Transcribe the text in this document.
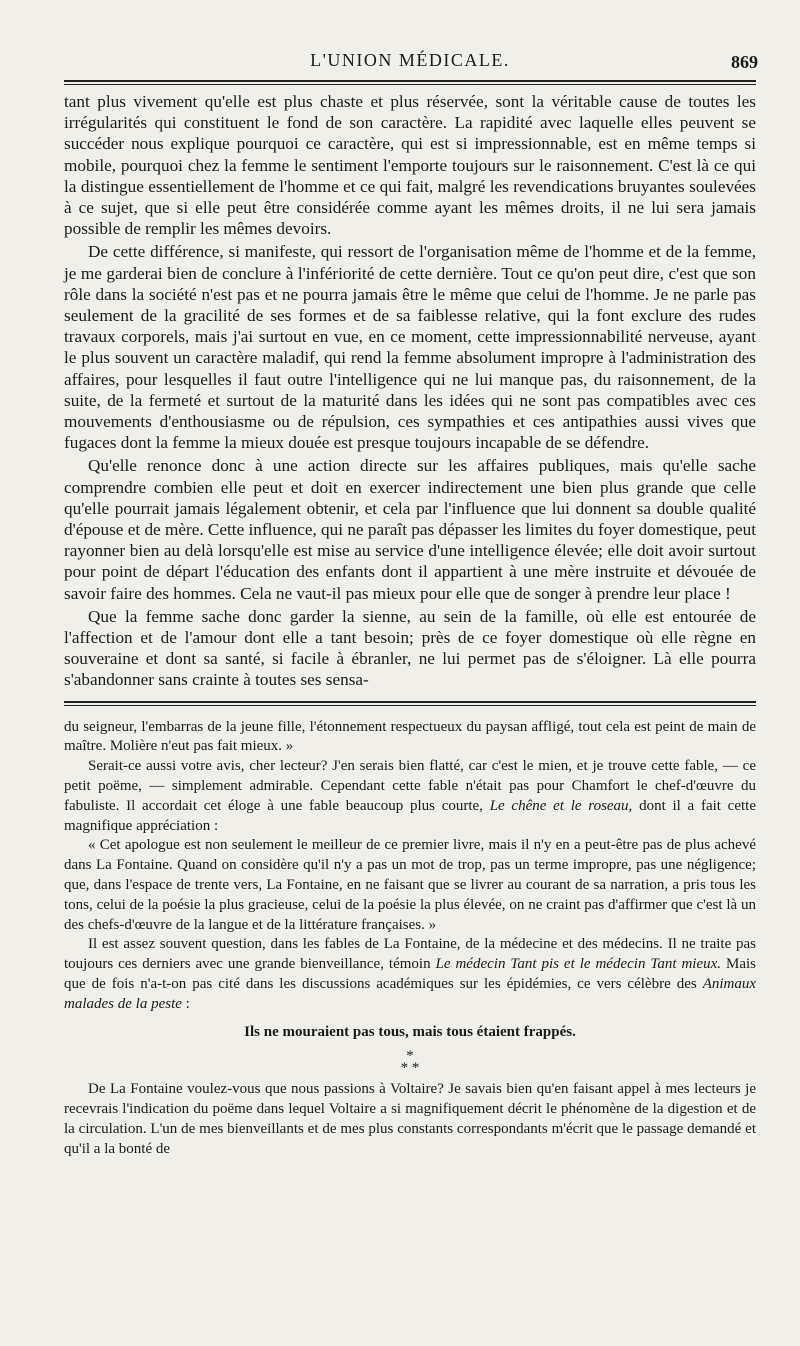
L'UNION MÉDICALE.	869

tant plus vivement qu'elle est plus chaste et plus réservée, sont la véritable cause de toutes les irrégularités qui constituent le fond de son caractère. La rapidité avec laquelle elles peuvent se succéder nous explique pourquoi ce caractère, qui est si impressionnable, est en même temps si mobile, pourquoi chez la femme le sentiment l'emporte toujours sur le raisonnement. C'est là ce qui la distingue essentiellement de l'homme et ce qui fait, malgré les revendications bruyantes soulevées à ce sujet, que si elle peut être considérée comme ayant les mêmes droits, il ne lui sera jamais possible de remplir les mêmes devoirs.

De cette différence, si manifeste, qui ressort de l'organisation même de l'homme et de la femme, je me garderai bien de conclure à l'infériorité de cette dernière. Tout ce qu'on peut dire, c'est que son rôle dans la société n'est pas et ne pourra jamais être le même que celui de l'homme. Je ne parle pas seulement de la gracilité de ses formes et de sa faiblesse relative, qui la font exclure des rudes travaux corporels, mais j'ai surtout en vue, en ce moment, cette impressionnabilité nerveuse, ayant le plus souvent un caractère maladif, qui rend la femme absolument impropre à l'administration des affaires, pour lesquelles il faut outre l'intelligence qui ne lui manque pas, du raisonnement, de la suite, de la fermeté et surtout de la maturité dans les idées qui ne sont pas compatibles avec ces mouvements d'enthousiasme ou de répulsion, ces sympathies et ces antipathies aussi vives que fugaces dont la femme la mieux douée est presque toujours incapable de se défendre.

Qu'elle renonce donc à une action directe sur les affaires publiques, mais qu'elle sache comprendre combien elle peut et doit en exercer indirectement une bien plus grande que celle qu'elle pourrait jamais légalement obtenir, et cela par l'influence que lui donnent sa double qualité d'épouse et de mère. Cette influence, qui ne paraît pas dépasser les limites du foyer domestique, peut rayonner bien au delà lorsqu'elle est mise au service d'une intelligence élevée; elle doit avoir surtout pour point de départ l'éducation des enfants dont il appartient à une mère instruite et dévouée de savoir faire des hommes. Cela ne vaut-il pas mieux pour elle que de songer à prendre leur place !

Que la femme sache donc garder la sienne, au sein de la famille, où elle est entourée de l'affection et de l'amour dont elle a tant besoin; près de ce foyer domestique où elle règne en souveraine et dont sa santé, si facile à ébranler, ne lui permet pas de s'éloigner. Là elle pourra s'abandonner sans crainte à toutes ses sensa-

du seigneur, l'embarras de la jeune fille, l'étonnement respectueux du paysan affligé, tout cela est peint de main de maître. Molière n'eut pas fait mieux. »

Serait-ce aussi votre avis, cher lecteur? J'en serais bien flatté, car c'est le mien, et je trouve cette fable, — ce petit poëme, — simplement admirable. Cependant cette fable n'était pas pour Chamfort le chef-d'œuvre du fabuliste. Il accordait cet éloge à une fable beaucoup plus courte, Le chêne et le roseau, dont il a fait cette magnifique appréciation :

« Cet apologue est non seulement le meilleur de ce premier livre, mais il n'y en a peut-être pas de plus achevé dans La Fontaine. Quand on considère qu'il n'y a pas un mot de trop, pas un terme impropre, pas une négligence; que, dans l'espace de trente vers, La Fontaine, en ne faisant que se livrer au courant de sa narration, a pris tous les tons, celui de la poésie la plus gracieuse, celui de la poésie la plus élevée, on ne craint pas d'affirmer que c'est là un des chefs-d'œuvre de la langue et de la littérature françaises. »

Il est assez souvent question, dans les fables de La Fontaine, de la médecine et des médecins. Il ne traite pas toujours ces derniers avec une grande bienveillance, témoin Le médecin Tant pis et le médecin Tant mieux. Mais que de fois n'a-t-on pas cité dans les discussions académiques sur les épidémies, ce vers célèbre des Animaux malades de la peste :

Ils ne mouraient pas tous, mais tous étaient frappés.

*
* *

De La Fontaine voulez-vous que nous passions à Voltaire? Je savais bien qu'en faisant appel à mes lecteurs je recevrais l'indication du poëme dans lequel Voltaire a si magnifiquement décrit le phénomène de la digestion et de la circulation. L'un de mes bienveillants et de mes plus constants correspondants m'écrit que le passage demandé et qu'il a la bonté de
